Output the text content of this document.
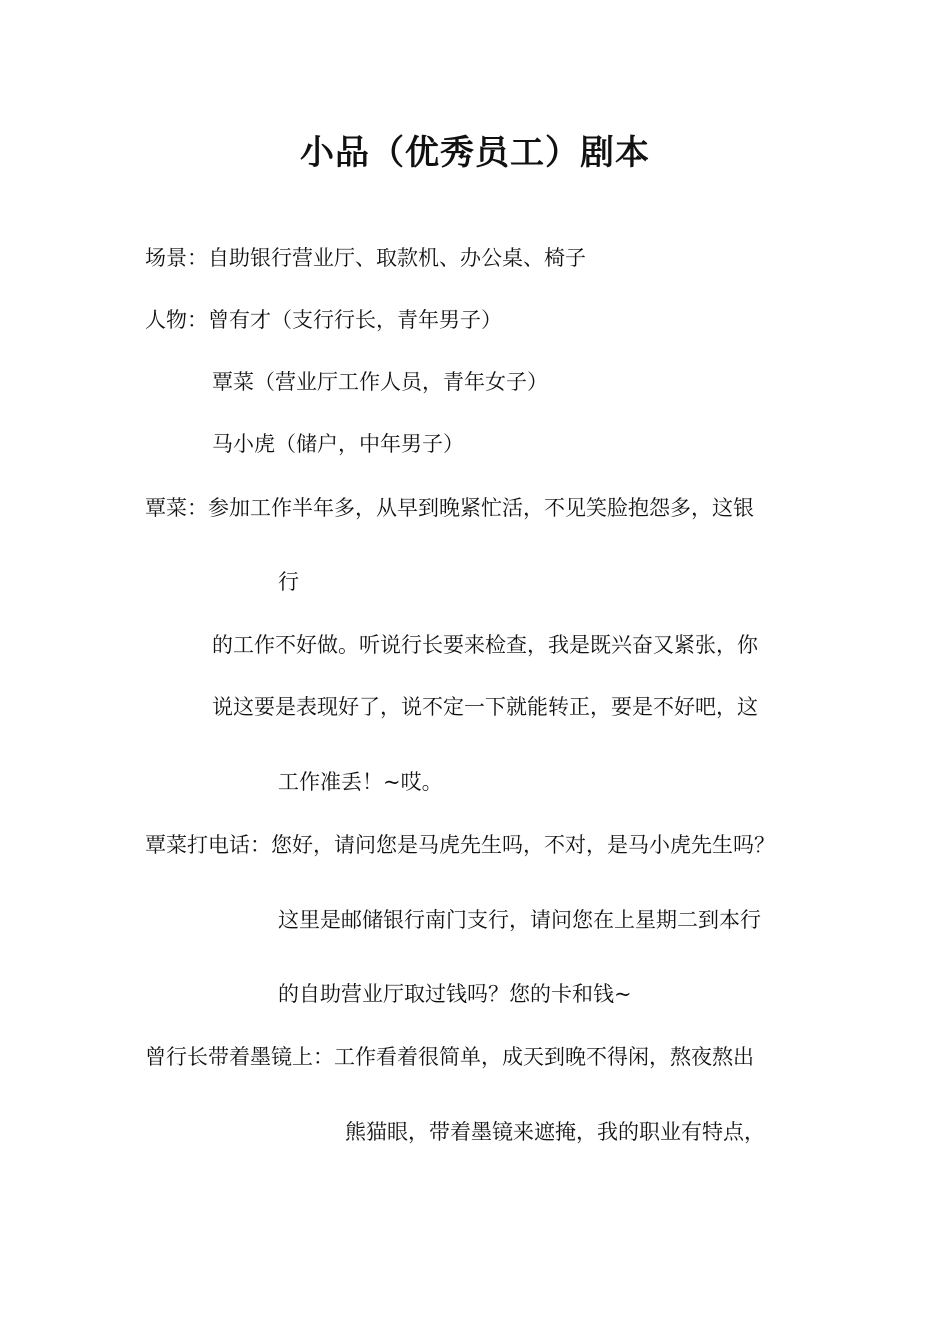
小品（优秀员工）剧本
场景：自助银行营业厅、取款机、办公桌、椅子
人物：曾有才（支行行长，青年男子）
覃菜（营业厅工作人员，青年女子）
马小虎（储户，中年男子）
覃菜：参加工作半年多，从早到晚紧忙活，不见笑脸抱怨多，这银
行
的工作不好做。听说行长要来检查，我是既兴奋又紧张，你
说这要是表现好了，说不定一下就能转正，要是不好吧，这
工作准丢！~哎。
覃菜打电话：您好，请问您是马虎先生吗，不对，是马小虎先生吗？
这里是邮储银行南门支行，请问您在上星期二到本行
的自助营业厅取过钱吗？您的卡和钱~
曾行长带着墨镜上：工作看着很简单，成天到晚不得闲，熬夜熬出
熊猫眼，带着墨镜来遮掩，我的职业有特点，
